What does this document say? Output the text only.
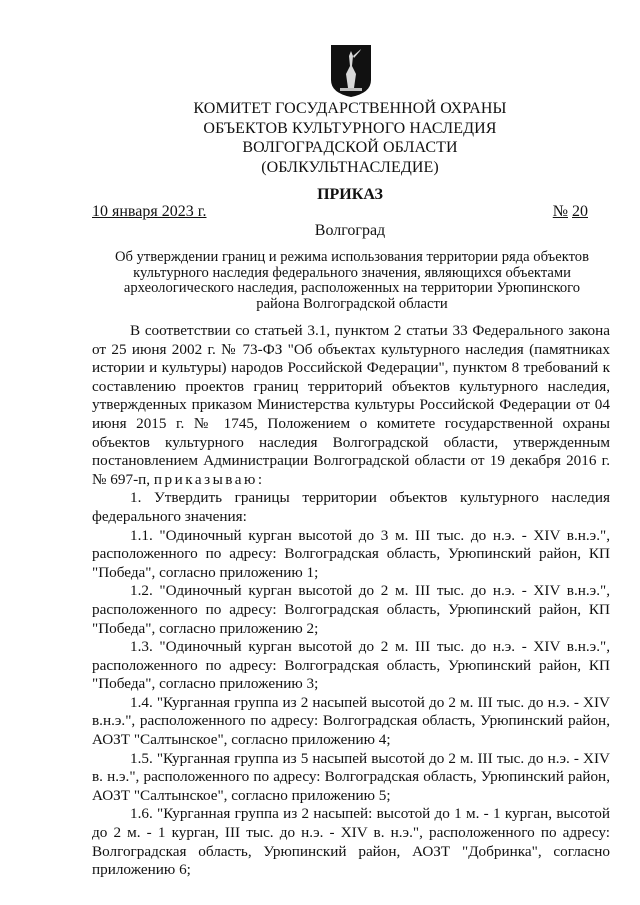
КОМИТЕТ ГОСУДАРСТВЕННОЙ ОХРАНЫ
ОБЪЕКТОВ КУЛЬТУРНОГО НАСЛЕДИЯ
ВОЛГОГРАДСКОЙ ОБЛАСТИ
(ОБЛКУЛЬТНАСЛЕДИЕ)
ПРИКАЗ
10 января 2023 г.	№ 20
Волгоград
Об утверждении границ и режима использования территории ряда объектов
культурного наследия федерального значения, являющихся объектами
археологического наследия, расположенных на территории Урюпинского
района Волгоградской области

В соответствии со статьей 3.1, пунктом 2 статьи 33 Федерального закона от 25 июня 2002 г. № 73-ФЗ "Об объектах культурного наследия (памятниках истории и культуры) народов Российской Федерации", пунктом 8 требований к составлению проектов границ территорий объектов культурного наследия, утвержденных приказом Министерства культуры Российской Федерации от 04 июня 2015 г. № 1745, Положением о комитете государственной охраны объектов культурного наследия Волгоградской области, утвержденным постановлением Администрации Волгоградской области от 19 декабря 2016 г. № 697-п, приказываю:

1. Утвердить границы территории объектов культурного наследия федерального значения:

1.1. "Одиночный курган высотой до 3 м. III тыс. до н.э. - XIV в.н.э.", расположенного по адресу: Волгоградская область, Урюпинский район, КП "Победа", согласно приложению 1;

1.2. "Одиночный курган высотой до 2 м. III тыс. до н.э. - XIV в.н.э.", расположенного по адресу: Волгоградская область, Урюпинский район, КП "Победа", согласно приложению 2;

1.3. "Одиночный курган высотой до 2 м. III тыс. до н.э. - XIV в.н.э.", расположенного по адресу: Волгоградская область, Урюпинский район, КП "Победа", согласно приложению 3;

1.4. "Курганная группа из 2 насыпей высотой до 2 м. III тыс. до н.э. - XIV в.н.э.", расположенного по адресу: Волгоградская область, Урюпинский район, АОЗТ "Салтынское", согласно приложению 4;

1.5. "Курганная группа из 5 насыпей высотой до 2 м. III тыс. до н.э. - XIV в. н.э.", расположенного по адресу: Волгоградская область, Урюпинский район, АОЗТ "Салтынское", согласно приложению 5;

1.6. "Курганная группа из 2 насыпей: высотой до 1 м. - 1 курган, высотой до 2 м. - 1 курган, III тыс. до н.э. - XIV в. н.э.", расположенного по адресу: Волгоградская область, Урюпинский район, АОЗТ "Добринка", согласно приложению 6;
